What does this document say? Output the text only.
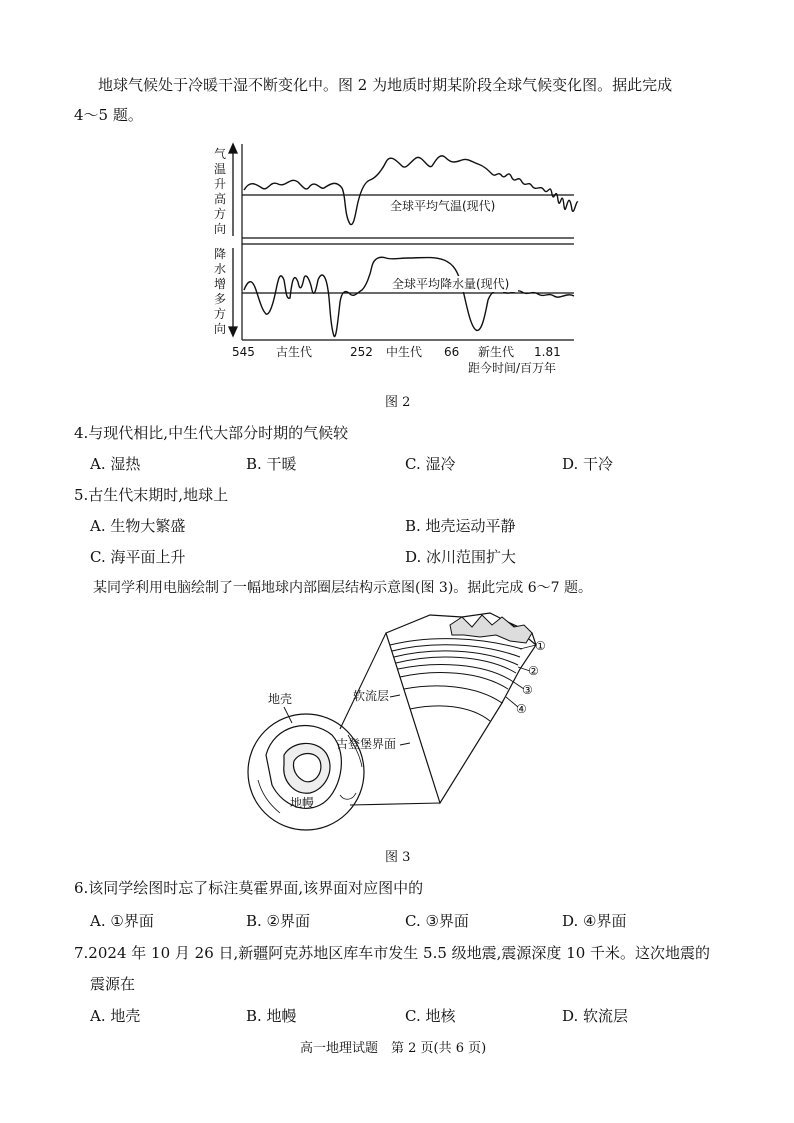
地球气候处于冷暖干湿不断变化中。图 2 为地质时期某阶段全球气候变化图。据此完成
4～5 题。
气
温
升
高
方
向
降
水
增
多
方
向
全球平均气温(现代)
全球平均降水量(现代)
545 古生代	252 中生代 66 新生代 1.81
距今时间/百万年
图 2
4.与现代相比,中生代大部分时期的气候较
A. 湿热	B. 干暖	C. 湿冷	D. 干冷
5.古生代末期时,地球上
A. 生物大繁盛	B. 地壳运动平静
C. 海平面上升	D. 冰川范围扩大
某同学利用电脑绘制了一幅地球内部圈层结构示意图(图 3)。据此完成 6～7 题。
①
②
③
④
软流层
古登堡界面
地壳
地幔
图 3
6.该同学绘图时忘了标注莫霍界面,该界面对应图中的
A. ①界面	B. ②界面	C. ③界面	D. ④界面
7.2024 年 10 月 26 日,新疆阿克苏地区库车市发生 5.5 级地震,震源深度 10 千米。这次地震的
震源在
A. 地壳	B. 地幔	C. 地核	D. 软流层
高一地理试题　第 2 页(共 6 页)
